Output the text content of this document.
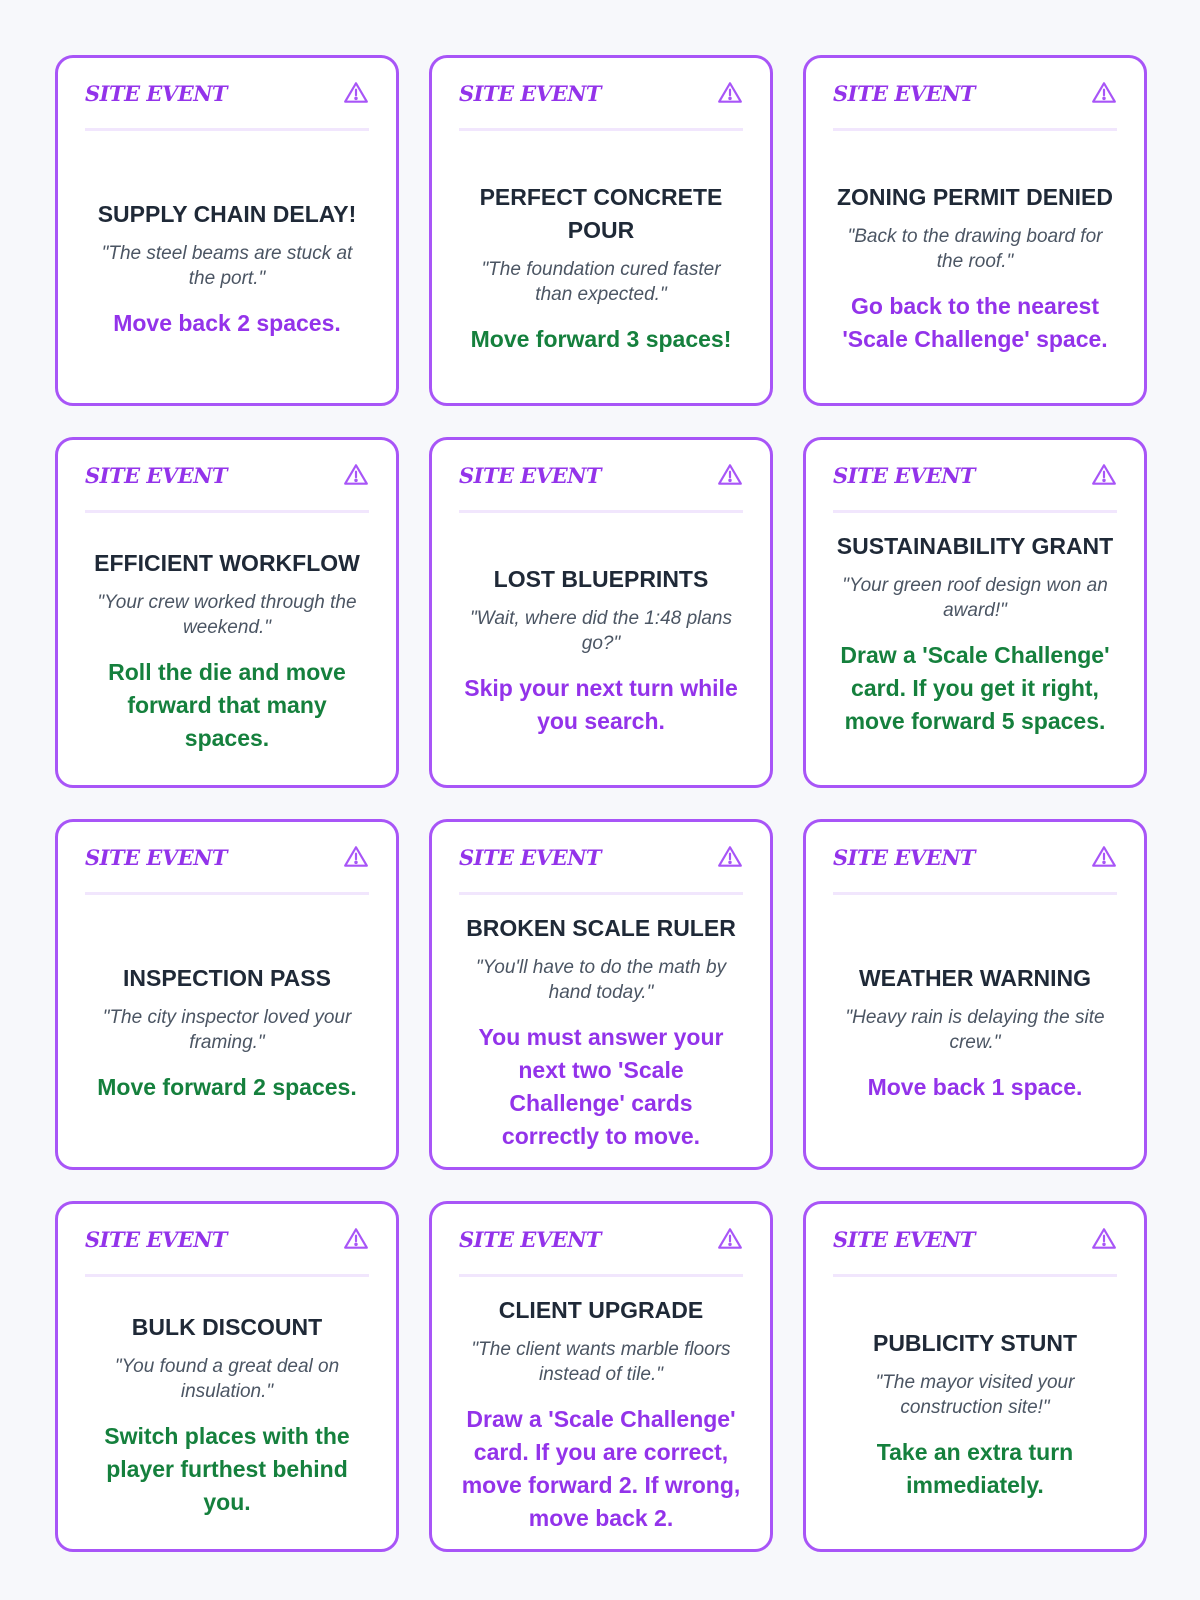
SITE EVENT

SUPPLY CHAIN DELAY!

"The steel beams are stuck at the port."

Move back 2 spaces.

SITE EVENT

PERFECT CONCRETE POUR

"The foundation cured faster than expected."

Move forward 3 spaces!

SITE EVENT

ZONING PERMIT DENIED

"Back to the drawing board for the roof."

Go back to the nearest 'Scale Challenge' space.

SITE EVENT

EFFICIENT WORKFLOW

"Your crew worked through the weekend."

Roll the die and move forward that many spaces.

SITE EVENT

LOST BLUEPRINTS

"Wait, where did the 1:48 plans go?"

Skip your next turn while you search.

SITE EVENT

SUSTAINABILITY GRANT

"Your green roof design won an award!"

Draw a 'Scale Challenge' card. If you get it right, move forward 5 spaces.

SITE EVENT

INSPECTION PASS

"The city inspector loved your framing."

Move forward 2 spaces.

SITE EVENT

BROKEN SCALE RULER

"You'll have to do the math by hand today."

You must answer your next two 'Scale Challenge' cards correctly to move.

SITE EVENT

WEATHER WARNING

"Heavy rain is delaying the site crew."

Move back 1 space.

SITE EVENT

BULK DISCOUNT

"You found a great deal on insulation."

Switch places with the player furthest behind you.

SITE EVENT

CLIENT UPGRADE

"The client wants marble floors instead of tile."

Draw a 'Scale Challenge' card. If you are correct, move forward 2. If wrong, move back 2.

SITE EVENT

PUBLICITY STUNT

"The mayor visited your construction site!"

Take an extra turn immediately.
